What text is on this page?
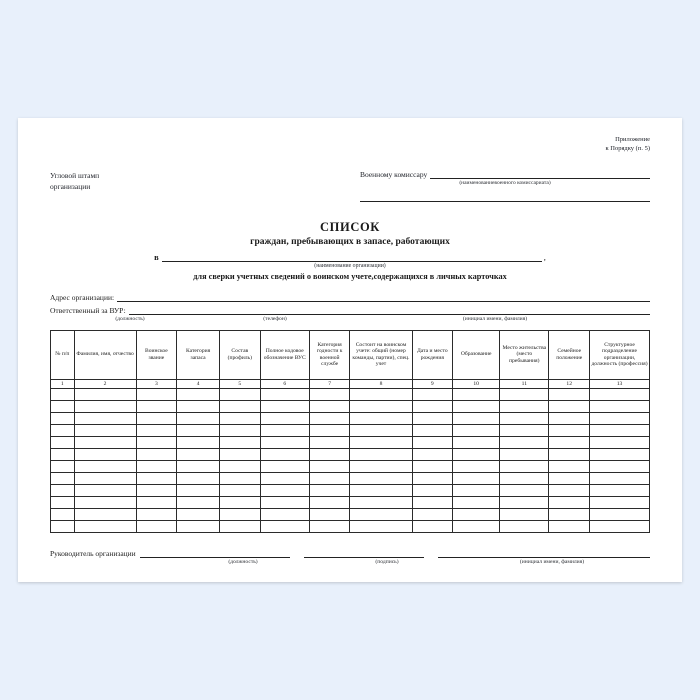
Приложение
к Порядку (п. 5)
Угловой штамп
организации
Военному комиссару
(наименованиевоенного комиссариата)
СПИСОК
граждан, пребывающих в запасе, работающих
в	,
(наименование организации)
для сверки учетных сведений о воинском учете,содержащихся в личных карточках
Адрес организации:
Ответственный за ВУР:
(должность)	(телефон)	(инициал имени, фамилия)
№ п/п	Фамилия, имя, отчество	Воинское звание	Категория запаса	Состав (профиль)	Полное кодовое обозначение ВУС	Категория годности к военной службе	Состоит на воинском учете: общий (номер команды, партии), спец. учет	Дата и место рождения	Образование	Место жительства (место пребывания)	Семейное положение	Структурное подразделение организации, должность (профессия)
1	2	3	4	5	6	7	8	9	10	11	12	13

Руководитель организации
(должность)	(подпись)	(инициал имени, фамилия)
